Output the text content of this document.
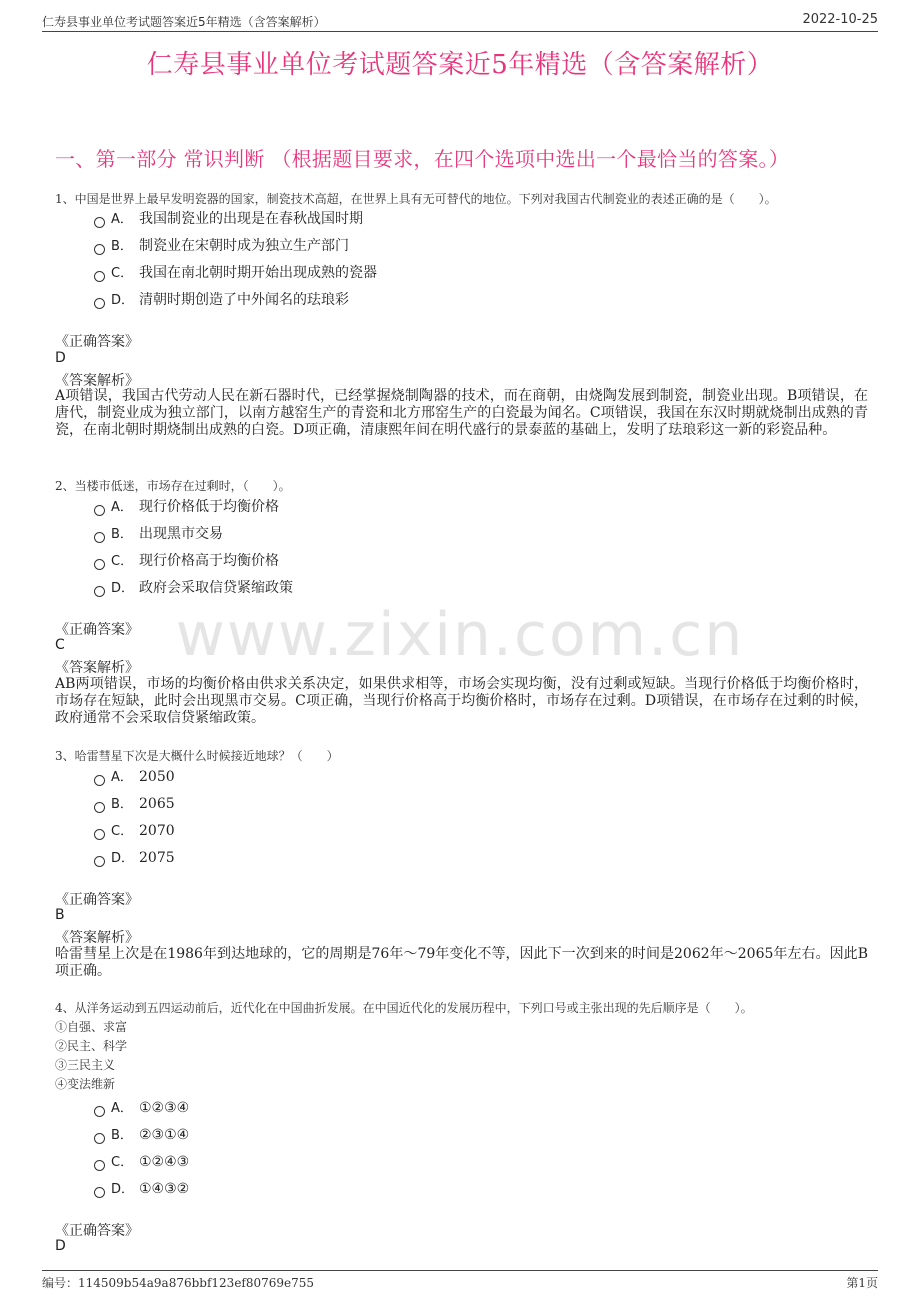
仁寿县事业单位考试题答案近5年精选（含答案解析）	2022-10-25
仁寿县事业单位考试题答案近5年精选（含答案解析）
一、第一部分 常识判断 （根据题目要求，在四个选项中选出一个最恰当的答案。）
www.zixin.com.cn
1、中国是世界上最早发明瓷器的国家，制瓷技术高超，在世界上具有无可替代的地位。下列对我国古代制瓷业的表述正确的是（　　）。
A． 我国制瓷业的出现是在春秋战国时期
B． 制瓷业在宋朝时成为独立生产部门
C． 我国在南北朝时期开始出现成熟的瓷器
D． 清朝时期创造了中外闻名的珐琅彩
《正确答案》
D
《答案解析》
A项错误，我国古代劳动人民在新石器时代，已经掌握烧制陶器的技术，而在商朝，由烧陶发展到制瓷，制瓷业出现。B项错误，在唐代，制瓷业成为独立部门，以南方越窑生产的青瓷和北方邢窑生产的白瓷最为闻名。C项错误，我国在东汉时期就烧制出成熟的青瓷，在南北朝时期烧制出成熟的白瓷。D项正确，清康熙年间在明代盛行的景泰蓝的基础上，发明了珐琅彩这一新的彩瓷品种。
2、当楼市低迷，市场存在过剩时，（　　）。
A． 现行价格低于均衡价格
B． 出现黑市交易
C． 现行价格高于均衡价格
D． 政府会采取信贷紧缩政策
《正确答案》
C
《答案解析》
AB两项错误，市场的均衡价格由供求关系决定，如果供求相等，市场会实现均衡，没有过剩或短缺。当现行价格低于均衡价格时，市场存在短缺，此时会出现黑市交易。C项正确，当现行价格高于均衡价格时，市场存在过剩。D项错误，在市场存在过剩的时候，政府通常不会采取信贷紧缩政策。
3、哈雷彗星下次是大概什么时候接近地球？（　　）
A． 2050
B． 2065
C． 2070
D． 2075
《正确答案》
B
《答案解析》
哈雷彗星上次是在1986年到达地球的，它的周期是76年～79年变化不等，因此下一次到来的时间是2062年～2065年左右。因此B项正确。
4、从洋务运动到五四运动前后，近代化在中国曲折发展。在中国近代化的发展历程中，下列口号或主张出现的先后顺序是（　　）。
①自强、求富
②民主、科学
③三民主义
④变法维新
A． ①②③④
B． ②③①④
C． ①②④③
D． ①④③②
《正确答案》
D
编号：114509b54a9a876bbf123ef80769e755	第1页
